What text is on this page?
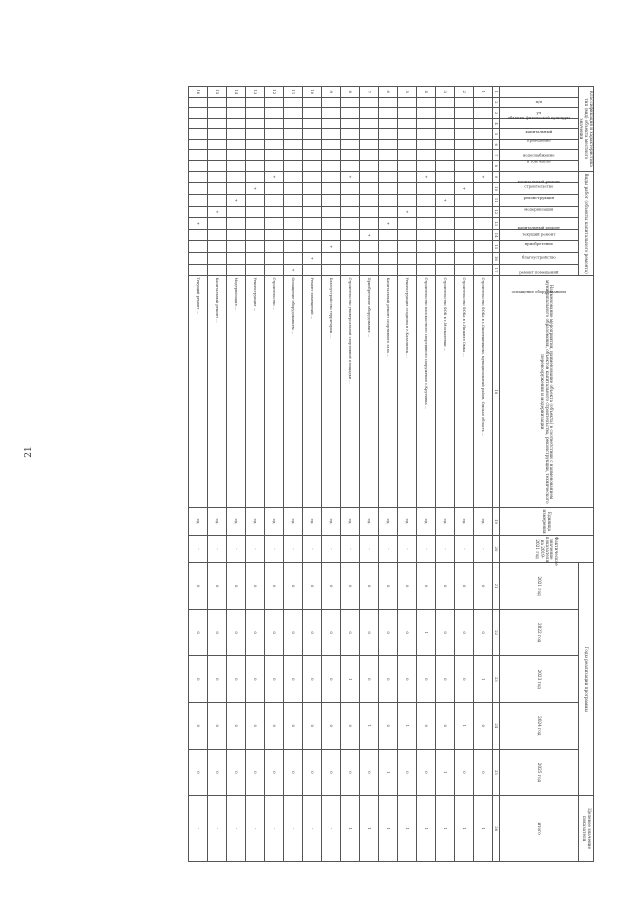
21
Классификация и характеристика тип (вид) объекта местного значения								Виды работ (объекты капитального ремонта)									Наименование мероприятия, наименование объекта (объекта) в соответствии с наименованием муниципального образования, объектов капитального строительства, реконструкции, технического перевооружения и модернизации	Единица измерения	Фактическое значение показателя на 2019-2021 год	Годы реализации программы					Целевое значение показателя
объекты физической культуры	п/п	ул	капитальный	проведение	водоснабжение	в том числе	капитальный ремонт	строительство	реконструкция	модернизация	капитальный ремонт	текущий ремонт	приобретение	благоустройство	ремонт помещений	оснащение оборудованием				2021 год	2022 год	2023 год	2024 год	2025 год	итого
1	2	3	4	5	6	7	8	9	10	11	12	13	14	15	16	17	18	19	20	21	22	23	24	25	26
1								+									Строительство ФОКа в с.Оконешниково, муниципальный район, Омская область ...	ед.	-	0	0	1	0	0	1
2									+								Строительство ФОКа в с.Нижняя Омка ...	ед.	-	0	0	0	1	0	1
3										+							Строительство ФОК в с.Москаленки ...	ед.	-	0	0	0	0	1	1
4								+									Строительство плоскостного спортивного сооружения с.Крутинка ...	ед.	-	0	1	0	0	0	1
5											+						Реконструкция стадиона в г.Калачинск ...	ед.	-	0	0	0	1	0	1
6												+					Капитальный ремонт спортивного зала ...	ед.	-	0	0	0	0	1	1
7													+				Приобретение оборудования ...	ед.	-	0	0	0	1	0	1
8								+									Строительство универсальной спортивной площадки ...	ед.	-	0	0	1	0	0	1
9														+			Благоустройство территории ...	ед.	-	0	0	0	0	0	-
10															+		Ремонт помещений ...	ед.	-	0	0	0	0	0	-
11																+	Оснащение оборудованием ...	ед.	-	0	0	0	0	0	-
12								+									Строительство ...	ед.	-	0	0	0	0	0	-
13									+								Реконструкция ...	ед.	-	0	0	0	0	0	-
14										+							Модернизация ...	ед.	-	0	0	0	0	0	-
15											+						Капитальный ремонт ...	ед.	-	0	0	0	0	0	-
16												+					Текущий ремонт ...	ед.	-	0	0	0	0	0	-
